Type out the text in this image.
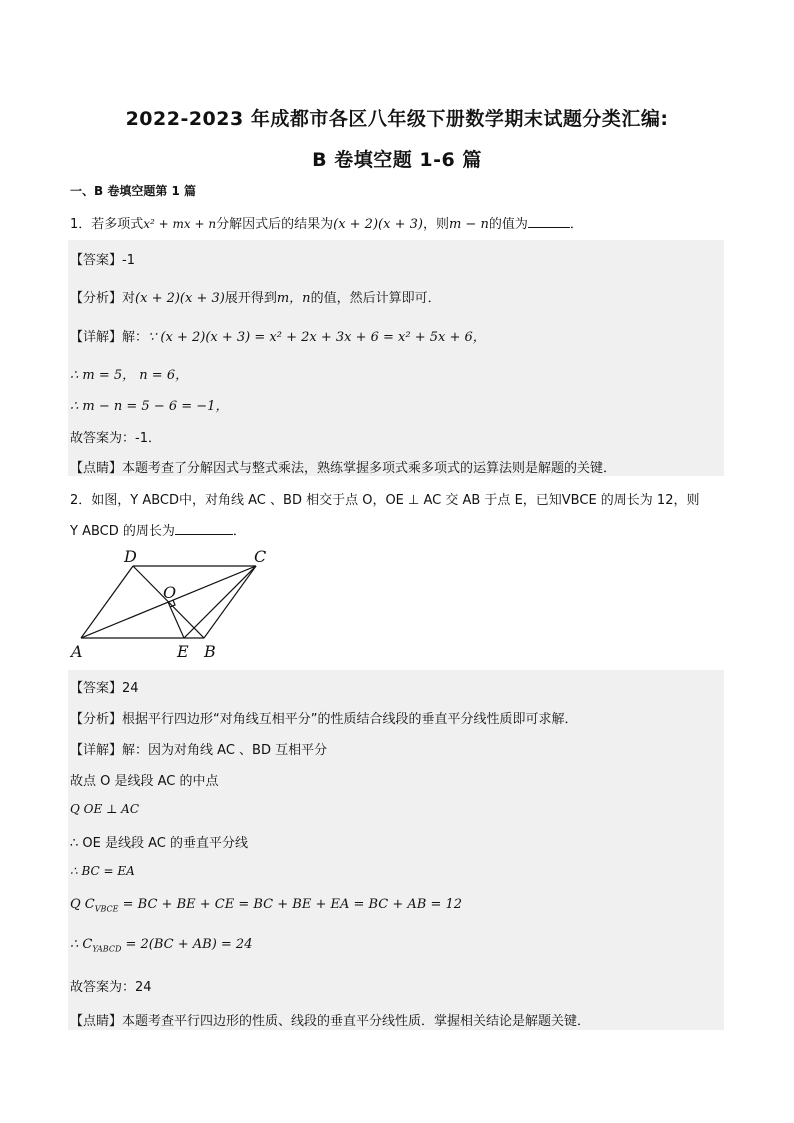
2022-2023 年成都市各区八年级下册数学期末试题分类汇编:
B 卷填空题 1-6 篇
一、B 卷填空题第 1 篇
1．若多项式x² + mx + n分解因式后的结果为(x + 2)(x + 3)，则m − n的值为	．
【答案】-1
【分析】对(x + 2)(x + 3)展开得到m，n的值，然后计算即可．
【详解】解：∵ (x + 2)(x + 3) = x² + 2x + 3x + 6 = x² + 5x + 6，
∴ m = 5， n = 6，
∴ m − n = 5 − 6 = −1，
故答案为：-1．
【点睛】本题考查了分解因式与整式乘法，熟练掌握多项式乘多项式的运算法则是解题的关键．
2．如图，Y ABCD中，对角线 AC 、BD 相交于点 O，OE ⊥ AC 交 AB 于点 E，已知VBCE 的周长为 12，则
Y ABCD 的周长为	．
D	C
O
A	E B
【答案】24
【分析】根据平行四边形“对角线互相平分”的性质结合线段的垂直平分线性质即可求解．
【详解】解：因为对角线 AC 、BD 互相平分
故点 O 是线段 AC 的中点
Q OE ⊥ AC
∴ OE 是线段 AC 的垂直平分线
∴ BC = EA
Q $C_{VBCE}$ = BC + BE + CE = BC + BE + EA = BC + AB = 12
∴ $C_{YABCD} = 2(BC + AB) = 24$
故答案为：24
【点睛】本题考查平行四边形的性质、线段的垂直平分线性质．掌握相关结论是解题关键．
